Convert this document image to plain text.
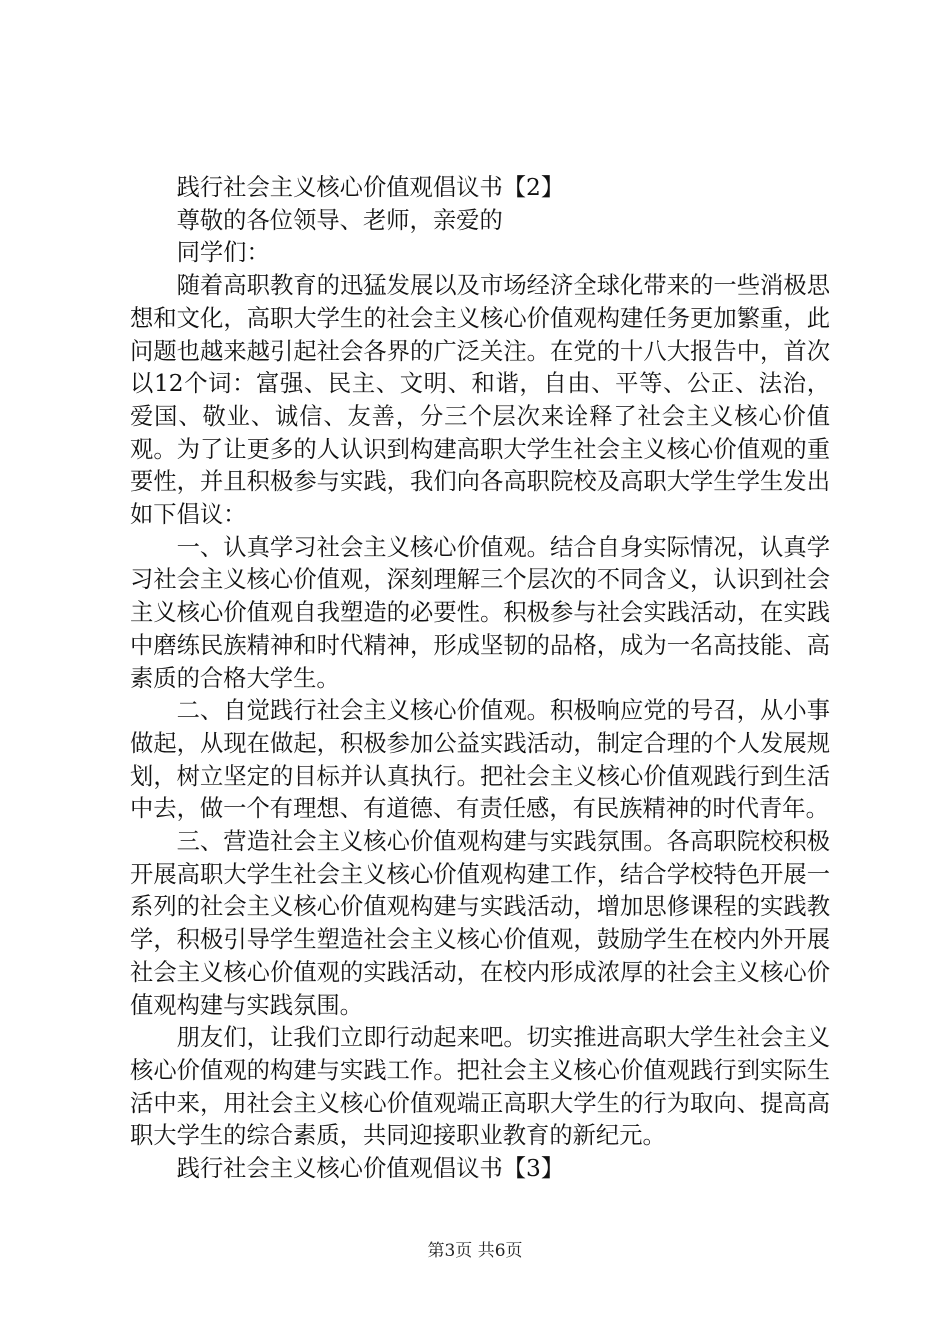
践行社会主义核心价值观倡议书【2】

尊敬的各位领导、老师，亲爱的

同学们：

随着高职教育的迅猛发展以及市场经济全球化带来的一些消极思想和文化，高职大学生的社会主义核心价值观构建任务更加繁重，此问题也越来越引起社会各界的广泛关注。在党的十八大报告中，首次以12个词：富强、民主、文明、和谐，自由、平等、公正、法治，爱国、敬业、诚信、友善，分三个层次来诠释了社会主义核心价值观。为了让更多的人认识到构建高职大学生社会主义核心价值观的重要性，并且积极参与实践，我们向各高职院校及高职大学生学生发出如下倡议：

一、认真学习社会主义核心价值观。结合自身实际情况，认真学习社会主义核心价值观，深刻理解三个层次的不同含义，认识到社会主义核心价值观自我塑造的必要性。积极参与社会实践活动，在实践中磨练民族精神和时代精神，形成坚韧的品格，成为一名高技能、高素质的合格大学生。

二、自觉践行社会主义核心价值观。积极响应党的号召，从小事做起，从现在做起，积极参加公益实践活动，制定合理的个人发展规划，树立坚定的目标并认真执行。把社会主义核心价值观践行到生活中去，做一个有理想、有道德、有责任感，有民族精神的时代青年。

三、营造社会主义核心价值观构建与实践氛围。各高职院校积极开展高职大学生社会主义核心价值观构建工作，结合学校特色开展一系列的社会主义核心价值观构建与实践活动，增加思修课程的实践教学，积极引导学生塑造社会主义核心价值观，鼓励学生在校内外开展社会主义核心价值观的实践活动，在校内形成浓厚的社会主义核心价值观构建与实践氛围。

朋友们，让我们立即行动起来吧。切实推进高职大学生社会主义核心价值观的构建与实践工作。把社会主义核心价值观践行到实际生活中来，用社会主义核心价值观端正高职大学生的行为取向、提高高职大学生的综合素质，共同迎接职业教育的新纪元。

践行社会主义核心价值观倡议书【3】

第3页 共6页
